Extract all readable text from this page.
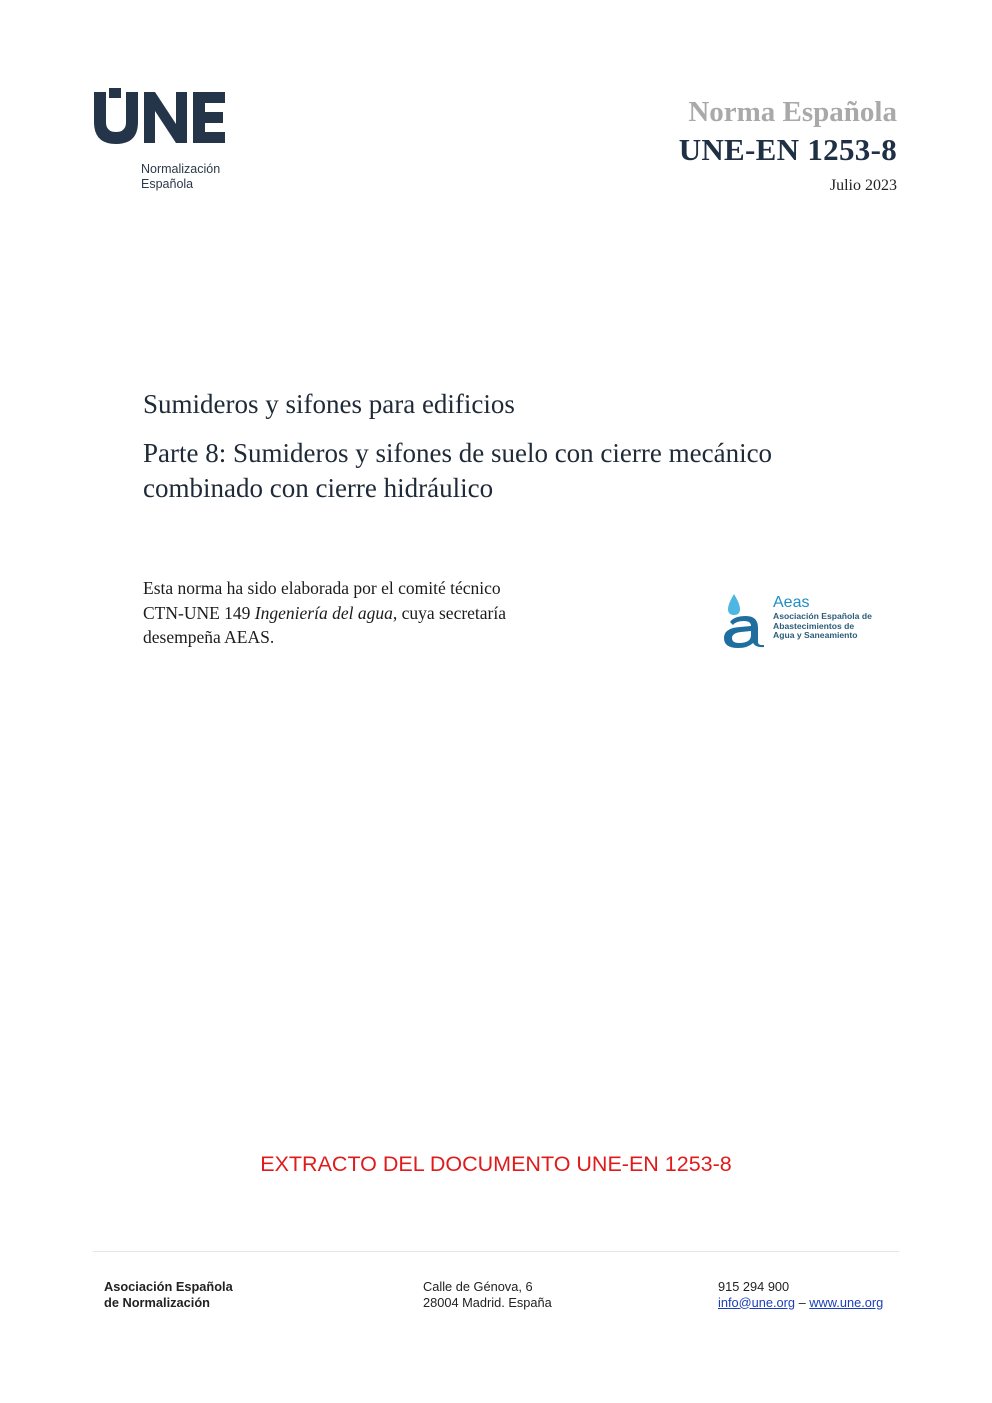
Normalización
Española
Norma Española
UNE-EN 1253-8
Julio 2023
Sumideros y sifones para edificios
Parte 8: Sumideros y sifones de suelo con cierre mecánico
combinado con cierre hidráulico
Esta norma ha sido elaborada por el comité técnico
CTN-UNE 149 Ingeniería del agua, cuya secretaría
desempeña AEAS.
Aeas
Asociación Española de
Abastecimientos de
Agua y Saneamiento
EXTRACTO DEL DOCUMENTO UNE-EN 1253-8
Asociación Española
de Normalización
Calle de Génova, 6
28004 Madrid. España
915 294 900
info@une.org – www.une.org
